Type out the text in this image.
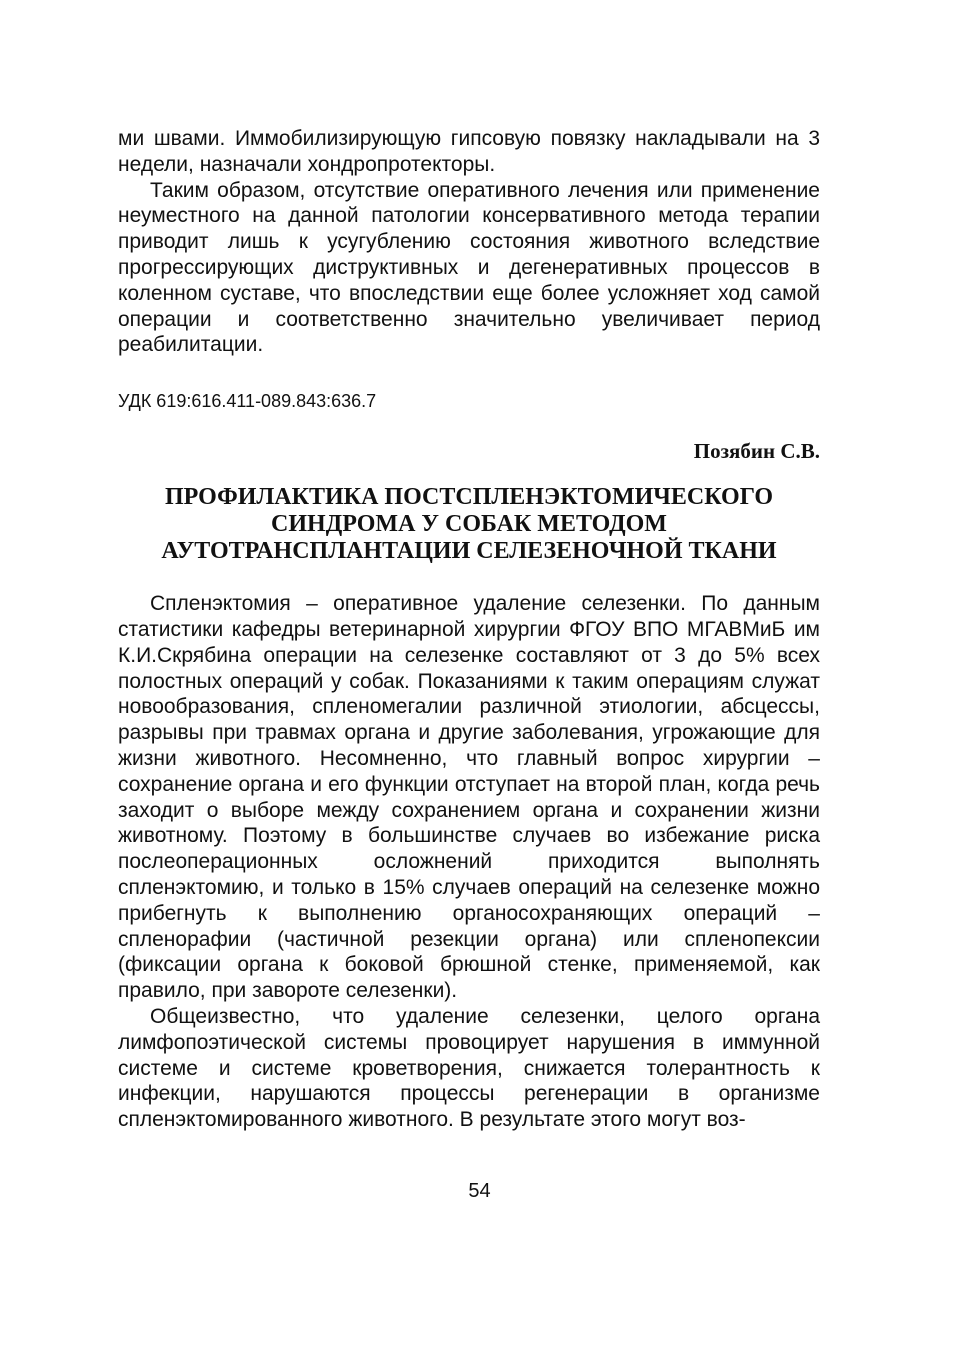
ми швами. Иммобилизирующую гипсовую повязку накладывали на 3 недели, назначали хондропротекторы.

Таким образом, отсутствие оперативного лечения или применение неуместного на данной патологии консервативного метода терапии приводит лишь к усугублению состояния животного вследствие прогрессирующих диструктивных и дегенеративных процессов в коленном суставе, что впоследствии еще более усложняет ход самой операции и соответственно значительно увеличивает период реабилитации.

УДК 619:616.411-089.843:636.7

Позябин С.В.

ПРОФИЛАКТИКА ПОСТСПЛЕНЭКТОМИЧЕСКОГО
СИНДРОМА У СОБАК МЕТОДОМ
АУТОТРАНСПЛАНТАЦИИ СЕЛЕЗЕНОЧНОЙ ТКАНИ

Спленэктомия – оперативное удаление селезенки. По данным статистики кафедры ветеринарной хирургии ФГОУ ВПО МГАВМиБ им К.И.Скрябина операции на селезенке составляют от 3 до 5% всех полостных операций у собак. Показаниями к таким операциям служат новообразования, спленомегалии различной этиологии, абсцессы, разрывы при травмах органа и другие заболевания, угрожающие для жизни животного. Несомненно, что главный вопрос хирургии – сохранение органа и его функции отступает на второй план, когда речь заходит о выборе между сохранением органа и сохранении жизни животному. Поэтому в большинстве случаев во избежание риска послеоперационных осложнений приходится выполнять спленэктомию, и только в 15% случаев операций на селезенке можно прибегнуть к выполнению органосохраняющих операций – спленорафии (частичной резекции органа) или спленопексии (фиксации органа к боковой брюшной стенке, применяемой, как правило, при завороте селезенки).

Общеизвестно, что удаление селезенки, целого органа лимфопоэтической системы провоцирует нарушения в иммунной системе и системе кроветворения, снижается толерантность к инфекции, нарушаются процессы регенерации в организме спленэктомированного животного. В результате этого могут воз-

54
